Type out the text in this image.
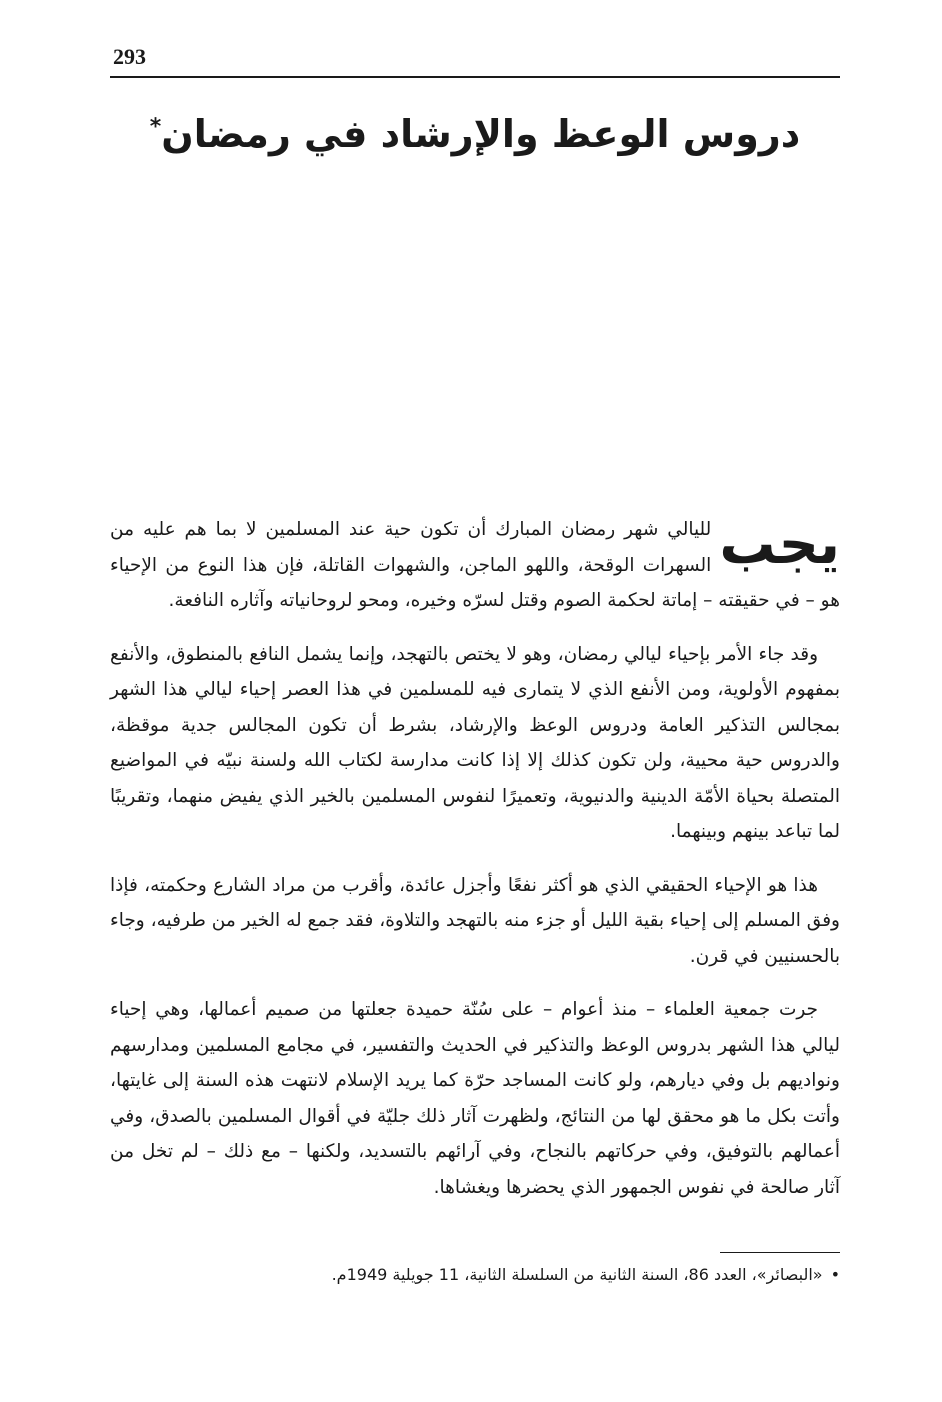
293
دروس الوعظ والإرشاد في رمضان*

يجب
لليالي شهر رمضان المبارك أن تكون حية عند المسلمين لا بما هم عليه من السهرات الوقحة، واللهو الماجن، والشهوات القاتلة، فإن هذا النوع من الإحياء هو – في حقيقته – إماتة لحكمة الصوم وقتل لسرّه وخيره، ومحو لروحانياته وآثاره النافعة.

وقد جاء الأمر بإحياء ليالي رمضان، وهو لا يختص بالتهجد، وإنما يشمل النافع بالمنطوق، والأنفع بمفهوم الأولوية، ومن الأنفع الذي لا يتمارى فيه للمسلمين في هذا العصر إحياء ليالي هذا الشهر بمجالس التذكير العامة ودروس الوعظ والإرشاد، بشرط أن تكون المجالس جدية موقظة، والدروس حية محيية، ولن تكون كذلك إلا إذا كانت مدارسة لكتاب الله ولسنة نبيّه في المواضيع المتصلة بحياة الأمّة الدينية والدنيوية، وتعميرًا لنفوس المسلمين بالخير الذي يفيض منهما، وتقريبًا لما تباعد بينهم وبينهما.

هذا هو الإحياء الحقيقي الذي هو أكثر نفعًا وأجزل عائدة، وأقرب من مراد الشارع وحكمته، فإذا وفق المسلم إلى إحياء بقية الليل أو جزء منه بالتهجد والتلاوة، فقد جمع له الخير من طرفيه، وجاء بالحسنيين في قرن.

جرت جمعية العلماء – منذ أعوام – على سُنّة حميدة جعلتها من صميم أعمالها، وهي إحياء ليالي هذا الشهر بدروس الوعظ والتذكير في الحديث والتفسير، في مجامع المسلمين ومدارسهم ونواديهم بل وفي ديارهم، ولو كانت المساجد حرّة كما يريد الإسلام لانتهت هذه السنة إلى غايتها، وأتت بكل ما هو محقق لها من النتائج، ولظهرت آثار ذلك جليّة في أقوال المسلمين بالصدق، وفي أعمالهم بالتوفيق، وفي حركاتهم بالنجاح، وفي آرائهم بالتسديد، ولكنها – مع ذلك – لم تخل من آثار صالحة في نفوس الجمهور الذي يحضرها ويغشاها.

•«البصائر»، العدد 86، السنة الثانية من السلسلة الثانية، 11 جويلية 1949م.
